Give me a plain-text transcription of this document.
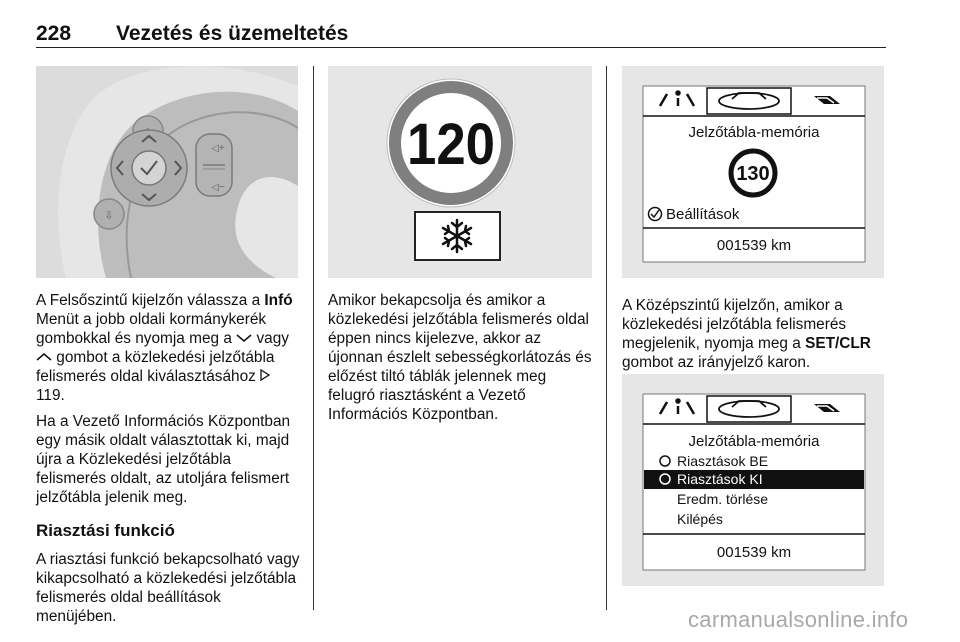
228 Vezetés és üzemeltetés
⇩
◁+
◁−
120	Jelzőtábla-memória
130
Beállítások
001539 km
Jelzőtábla-memória
Riasztások BE
Riasztások KI
Eredm. törlése
Kilépés
001539 km

A Felsőszintű kijelzőn válassza a Infó Menüt a jobb oldali kormánykerék gombokkal és nyomja meg a  vagy  gombot a közlekedési jelzőtábla felismerés oldal kiválasztásához  119.

Ha a Vezető Információs Központban egy másik oldalt választottak ki, majd újra a Közlekedési jelzőtábla felismerés oldalt, az utoljára felismert jelzőtábla jelenik meg.

Riasztási funkció

A riasztási funkció bekapcsolható vagy kikapcsolható a közlekedési jelzőtábla felismerés oldal beállítások menüjében.

Amikor bekapcsolja és amikor a közlekedési jelzőtábla felismerés oldal éppen nincs kijelezve, akkor az újonnan észlelt sebességkorlátozás és előzést tiltó táblák jelennek meg felugró riasztásként a Vezető Információs Központban.

A Középszintű kijelzőn, amikor a közlekedési jelzőtábla felismerés megjelenik, nyomja meg a SET/CLR gombot az irányjelző karon.

carmanualsonline.info
